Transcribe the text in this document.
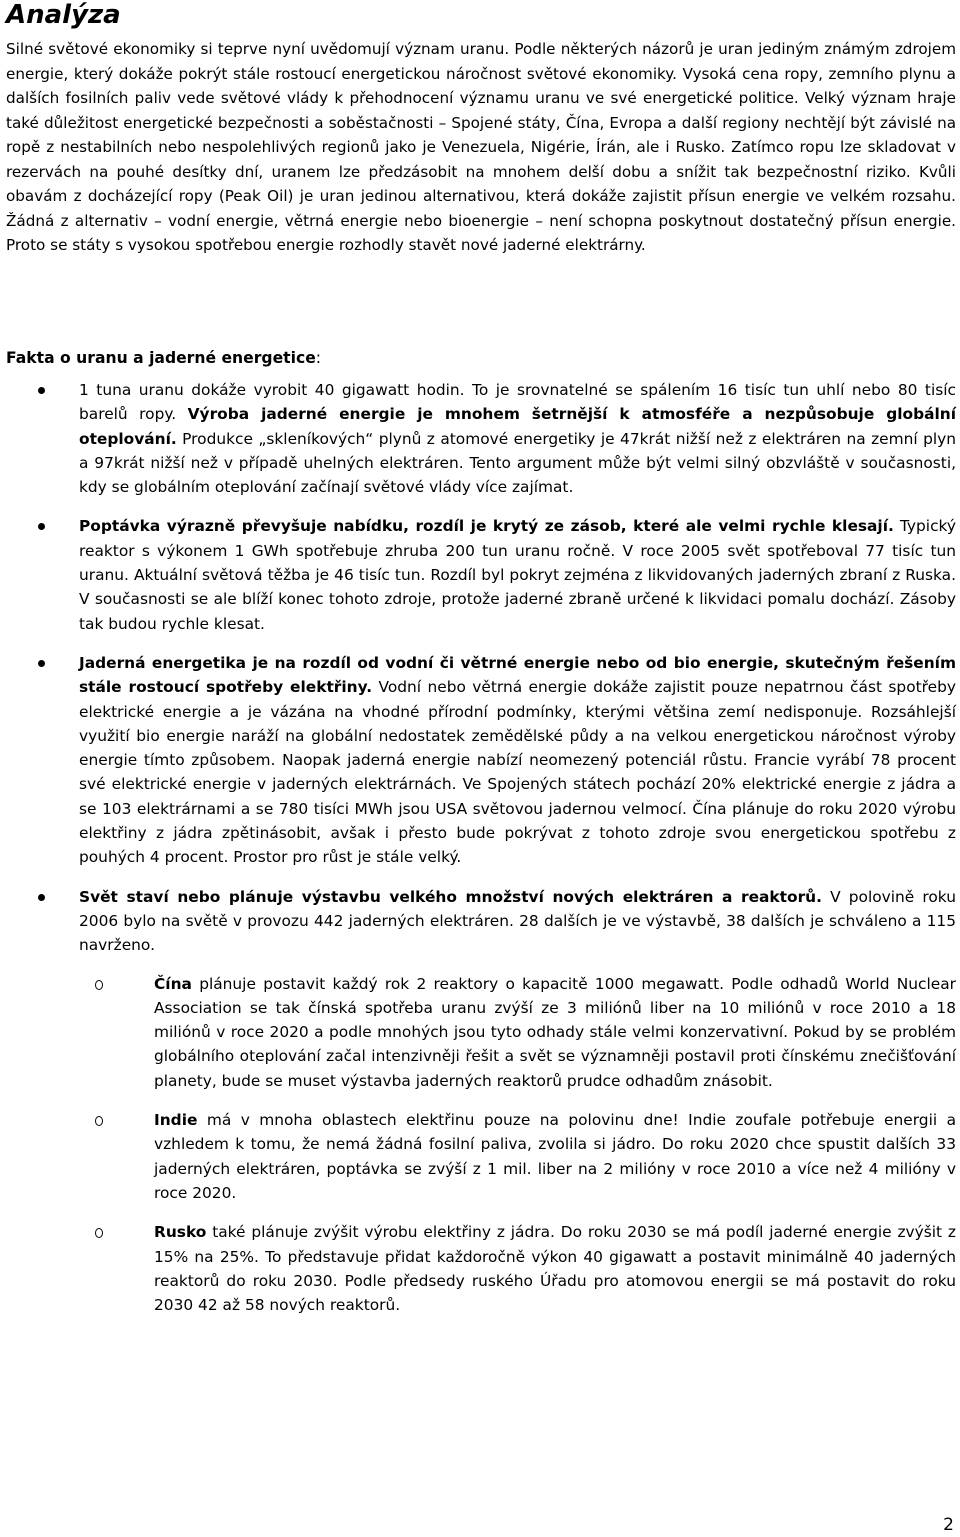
Analýza

Silné světové ekonomiky si teprve nyní uvědomují význam uranu. Podle některých názorů je uran jediným známým zdrojem energie, který dokáže pokrýt stále rostoucí energetickou náročnost světové ekonomiky. Vysoká cena ropy, zemního plynu a dalších fosilních paliv vede světové vlády k přehodnocení významu uranu ve své energetické politice. Velký význam hraje také důležitost energetické bezpečnosti a soběstačnosti – Spojené státy, Čína, Evropa a další regiony nechtějí být závislé na ropě z nestabilních nebo nespolehlivých regionů jako je Venezuela, Nigérie, Írán, ale i Rusko. Zatímco ropu lze skladovat v rezervách na pouhé desítky dní, uranem lze předzásobit na mnohem delší dobu a snížit tak bezpečnostní riziko. Kvůli obavám z docházející ropy (Peak Oil) je uran jedinou alternativou, která dokáže zajistit přísun energie ve velkém rozsahu. Žádná z alternativ – vodní energie, větrná energie nebo bioenergie – není schopna poskytnout dostatečný přísun energie. Proto se státy s vysokou spotřebou energie rozhodly stavět nové jaderné elektrárny.

Fakta o uranu a jaderné energetice:

1 tuna uranu dokáže vyrobit 40 gigawatt hodin. To je srovnatelné se spálením 16 tisíc tun uhlí nebo 80 tisíc barelů ropy. Výroba jaderné energie je mnohem šetrnější k atmosféře a nezpůsobuje globální oteplování. Produkce „skleníkových“ plynů z atomové energetiky je 47krát nižší než z elektráren na zemní plyn a 97krát nižší než v případě uhelných elektráren. Tento argument může být velmi silný obzvláště v současnosti, kdy se globálním oteplování začínají světové vlády více zajímat.
Poptávka výrazně převyšuje nabídku, rozdíl je krytý ze zásob, které ale velmi rychle klesají. Typický reaktor s výkonem 1 GWh spotřebuje zhruba 200 tun uranu ročně. V roce 2005 svět spotřeboval 77 tisíc tun uranu. Aktuální světová těžba je 46 tisíc tun. Rozdíl byl pokryt zejména z likvidovaných jaderných zbraní z Ruska. V současnosti se ale blíží konec tohoto zdroje, protože jaderné zbraně určené k likvidaci pomalu dochází. Zásoby tak budou rychle klesat.
Jaderná energetika je na rozdíl od vodní či větrné energie nebo od bio energie, skutečným řešením stále rostoucí spotřeby elektřiny. Vodní nebo větrná energie dokáže zajistit pouze nepatrnou část spotřeby elektrické energie a je vázána na vhodné přírodní podmínky, kterými většina zemí nedisponuje. Rozsáhlejší využití bio energie naráží na globální nedostatek zemědělské půdy a na velkou energetickou náročnost výroby energie tímto způsobem. Naopak jaderná energie nabízí neomezený potenciál růstu. Francie vyrábí 78 procent své elektrické energie v jaderných elektrárnách. Ve Spojených státech pochází 20% elektrické energie z jádra a se 103 elektrárnami a se 780 tisíci MWh jsou USA světovou jadernou velmocí. Čína plánuje do roku 2020 výrobu elektřiny z jádra zpětinásobit, avšak i přesto bude pokrývat z tohoto zdroje svou energetickou spotřebu z pouhých 4 procent. Prostor pro růst je stále velký.
Svět staví nebo plánuje výstavbu velkého množství nových elektráren a reaktorů. V polovině roku 2006 bylo na světě v provozu 442 jaderných elektráren. 28 dalších je ve výstavbě, 38 dalších je schváleno a 115 navrženo.
Čína plánuje postavit každý rok 2 reaktory o kapacitě 1000 megawatt. Podle odhadů World Nuclear Association se tak čínská spotřeba uranu zvýší ze 3 miliónů liber na 10 miliónů v roce 2010 a 18 miliónů v roce 2020 a podle mnohých jsou tyto odhady stále velmi konzervativní. Pokud by se problém globálního oteplování začal intenzivněji řešit a svět se významněji postavil proti čínskému znečišťování planety, bude se muset výstavba jaderných reaktorů prudce odhadům znásobit.
Indie má v mnoha oblastech elektřinu pouze na polovinu dne! Indie zoufale potřebuje energii a vzhledem k tomu, že nemá žádná fosilní paliva, zvolila si jádro. Do roku 2020 chce spustit dalších 33 jaderných elektráren, poptávka se zvýší z 1 mil. liber na 2 milióny v roce 2010 a více než 4 milióny v roce 2020.
Rusko také plánuje zvýšit výrobu elektřiny z jádra. Do roku 2030 se má podíl jaderné energie zvýšit z 15% na 25%. To představuje přidat každoročně výkon 40 gigawatt a postavit minimálně 40 jaderných reaktorů do roku 2030. Podle předsedy ruského Úřadu pro atomovou energii se má postavit do roku 2030 42 až 58 nových reaktorů.
2
